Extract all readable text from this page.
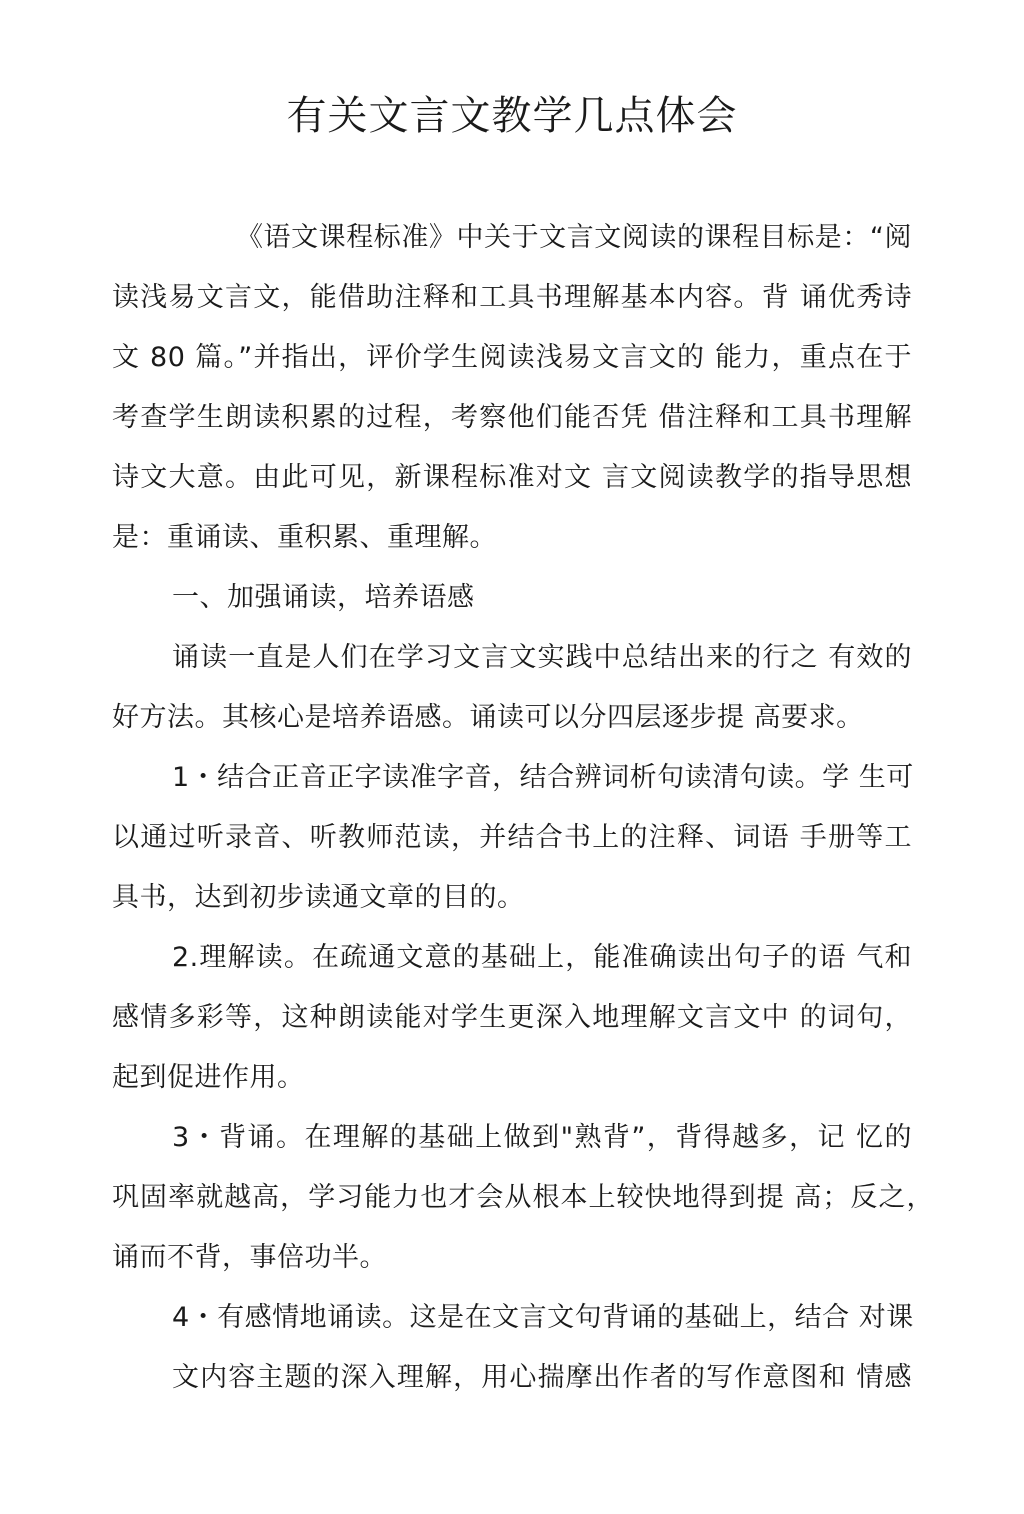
有关文言文教学几点体会
《语文课程标准》中关于文言文阅读的课程目标是：“阅
读浅易文言文，能借助注释和工具书理解基本内容。背 诵优秀诗
文 80 篇。”并指出，评价学生阅读浅易文言文的 能力，重点在于
考查学生朗读积累的过程，考察他们能否凭 借注释和工具书理解
诗文大意。由此可见，新课程标准对文 言文阅读教学的指导思想
是：重诵读、重积累、重理解。
一、加强诵读，培养语感
诵读一直是人们在学习文言文实践中总结出来的行之 有效的
好方法。其核心是培养语感。诵读可以分四层逐步提 高要求。
1・结合正音正字读准字音，结合辨词析句读清句读。学 生可
以通过听录音、听教师范读，并结合书上的注释、词语 手册等工
具书，达到初步读通文章的目的。
2.理解读。在疏通文意的基础上，能准确读出句子的语 气和
感情多彩等，这种朗读能对学生更深入地理解文言文中 的词句，
起到促进作用。
3・背诵。在理解的基础上做到"熟背”，背得越多，记 忆的
巩固率就越高，学习能力也才会从根本上较快地得到提 高；反之，
诵而不背，事倍功半。
4・有感情地诵读。这是在文言文句背诵的基础上，结合 对课
文内容主题的深入理解，用心揣摩出作者的写作意图和 情感
